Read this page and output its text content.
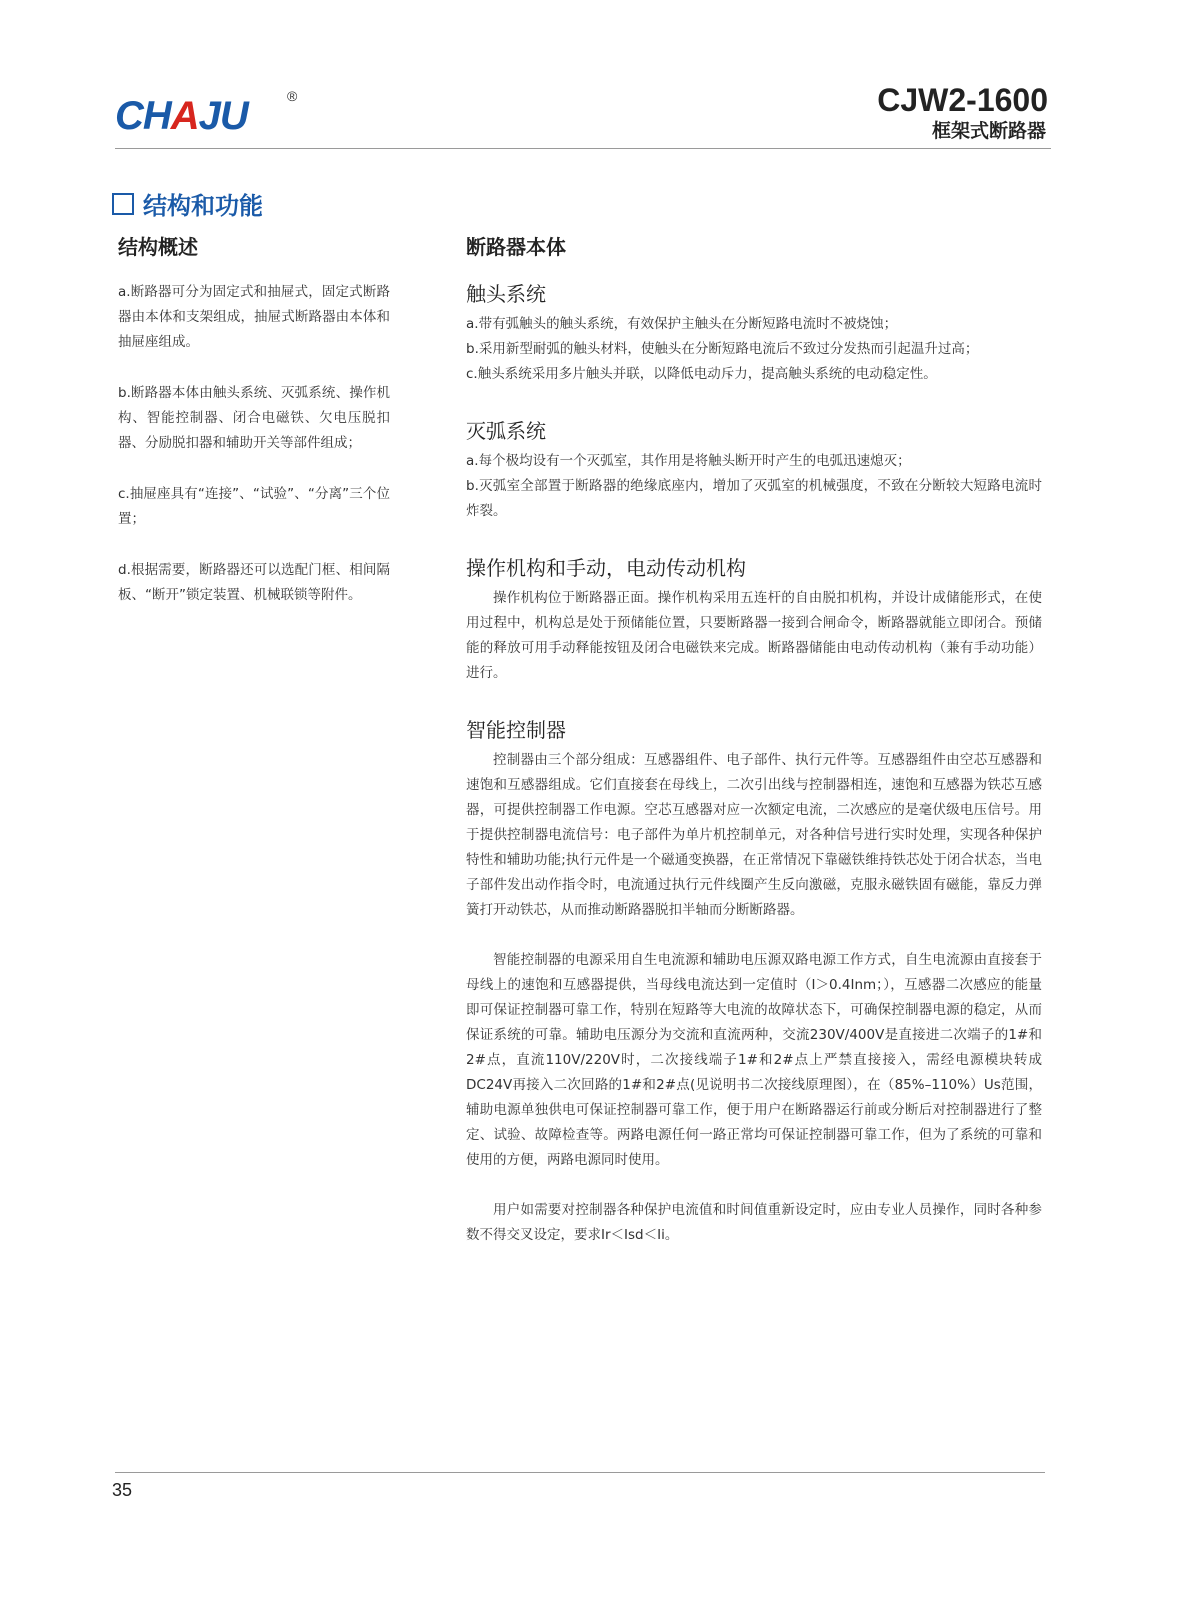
CHAJU	®	CJW2-1600
框架式断路器
结构和功能
结构概述

a.断路器可分为固定式和抽屉式，固定式断路器由本体和支架组成，抽屉式断路器由本体和抽屉座组成。

b.断路器本体由触头系统、灭弧系统、操作机构、智能控制器、闭合电磁铁、欠电压脱扣器、分励脱扣器和辅助开关等部件组成；

c.抽屉座具有“连接”、“试验”、“分离”三个位置；

d.根据需要，断路器还可以选配门框、相间隔板、“断开”锁定装置、机械联锁等附件。

断路器本体
触头系统

a.带有弧触头的触头系统，有效保护主触头在分断短路电流时不被烧蚀；

b.采用新型耐弧的触头材料，使触头在分断短路电流后不致过分发热而引起温升过高；

c.触头系统采用多片触头并联，以降低电动斥力，提高触头系统的电动稳定性。

灭弧系统

a.每个极均设有一个灭弧室，其作用是将触头断开时产生的电弧迅速熄灭；

b.灭弧室全部置于断路器的绝缘底座内，增加了灭弧室的机械强度，不致在分断较大短路电流时炸裂。

操作机构和手动，电动传动机构

操作机构位于断路器正面。操作机构采用五连杆的自由脱扣机构，并设计成储能形式，在使用过程中，机构总是处于预储能位置，只要断路器一接到合闸命令，断路器就能立即闭合。预储能的释放可用手动释能按钮及闭合电磁铁来完成。断路器储能由电动传动机构（兼有手动功能）进行。

智能控制器

控制器由三个部分组成：互感器组件、电子部件、执行元件等。互感器组件由空芯互感器和速饱和互感器组成。它们直接套在母线上，二次引出线与控制器相连，速饱和互感器为铁芯互感器，可提供控制器工作电源。空芯互感器对应一次额定电流，二次感应的是毫伏级电压信号。用于提供控制器电流信号：电子部件为单片机控制单元，对各种信号进行实时处理，实现各种保护特性和辅助功能;执行元件是一个磁通变换器，在正常情况下靠磁铁维持铁芯处于闭合状态，当电子部件发出动作指令时，电流通过执行元件线圈产生反向激磁，克服永磁铁固有磁能，靠反力弹簧打开动铁芯，从而推动断路器脱扣半轴而分断断路器。

智能控制器的电源采用自生电流源和辅助电压源双路电源工作方式，自生电流源由直接套于母线上的速饱和互感器提供，当母线电流达到一定值时（I＞0.4Inm；），互感器二次感应的能量即可保证控制器可靠工作，特别在短路等大电流的故障状态下，可确保控制器电源的稳定，从而保证系统的可靠。辅助电压源分为交流和直流两种，交流230V/400V是直接进二次端子的1#和2#点，直流110V/220V时，二次接线端子1#和2#点上严禁直接接入，需经电源模块转成DC24V再接入二次回路的1#和2#点(见说明书二次接线原理图），在（85%–110%）Us范围，辅助电源单独供电可保证控制器可靠工作，便于用户在断路器运行前或分断后对控制器进行了整定、试验、故障检查等。两路电源任何一路正常均可保证控制器可靠工作，但为了系统的可靠和使用的方便，两路电源同时使用。

用户如需要对控制器各种保护电流值和时间值重新设定时，应由专业人员操作，同时各种参数不得交叉设定，要求Ir＜Isd＜Ii。

35
